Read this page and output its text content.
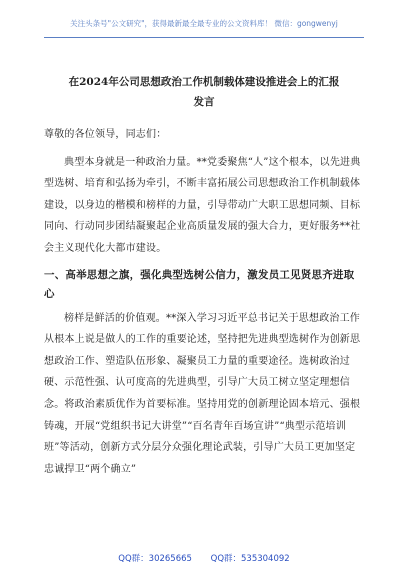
关注头条号"公文研究"，获得最新最全最专业的公文资料库！ 微信：gongwenyj
在2024年公司思想政治工作机制载体建设推进会上的汇报
发言

尊敬的各位领导，同志们：

典型本身就是一种政治力量。**党委聚焦“人”这个根本，以先进典型选树、培育和弘扬为牵引，不断丰富拓展公司思想政治工作机制载体建设，以身边的楷模和榜样的力量，引导带动广大职工思想同频、目标同向、行动同步团结凝聚起企业高质量发展的强大合力，更好服务**社会主义现代化大都市建设。

一、高举思想之旗，强化典型选树公信力，激发员工见贤思齐进取心

榜样是鲜活的价值观。**深入学习习近平总书记关于思想政治工作从根本上说是做人的工作的重要论述，坚持把先进典型选树作为创新思想政治工作、塑造队伍形象、凝聚员工力量的重要途径。选树政治过硬、示范性强、认可度高的先进典型，引导广大员工树立坚定理想信念。将政治素质优作为首要标准。坚持用党的创新理论固本培元、强根铸魂，开展“党组织书记大讲堂”“百名青年百场宣讲”“典型示范培训班”等活动，创新方式分层分众强化理论武装，引导广大员工更加坚定忠诚捍卫“两个确立”

QQ群：30265665 QQ群：535304092
